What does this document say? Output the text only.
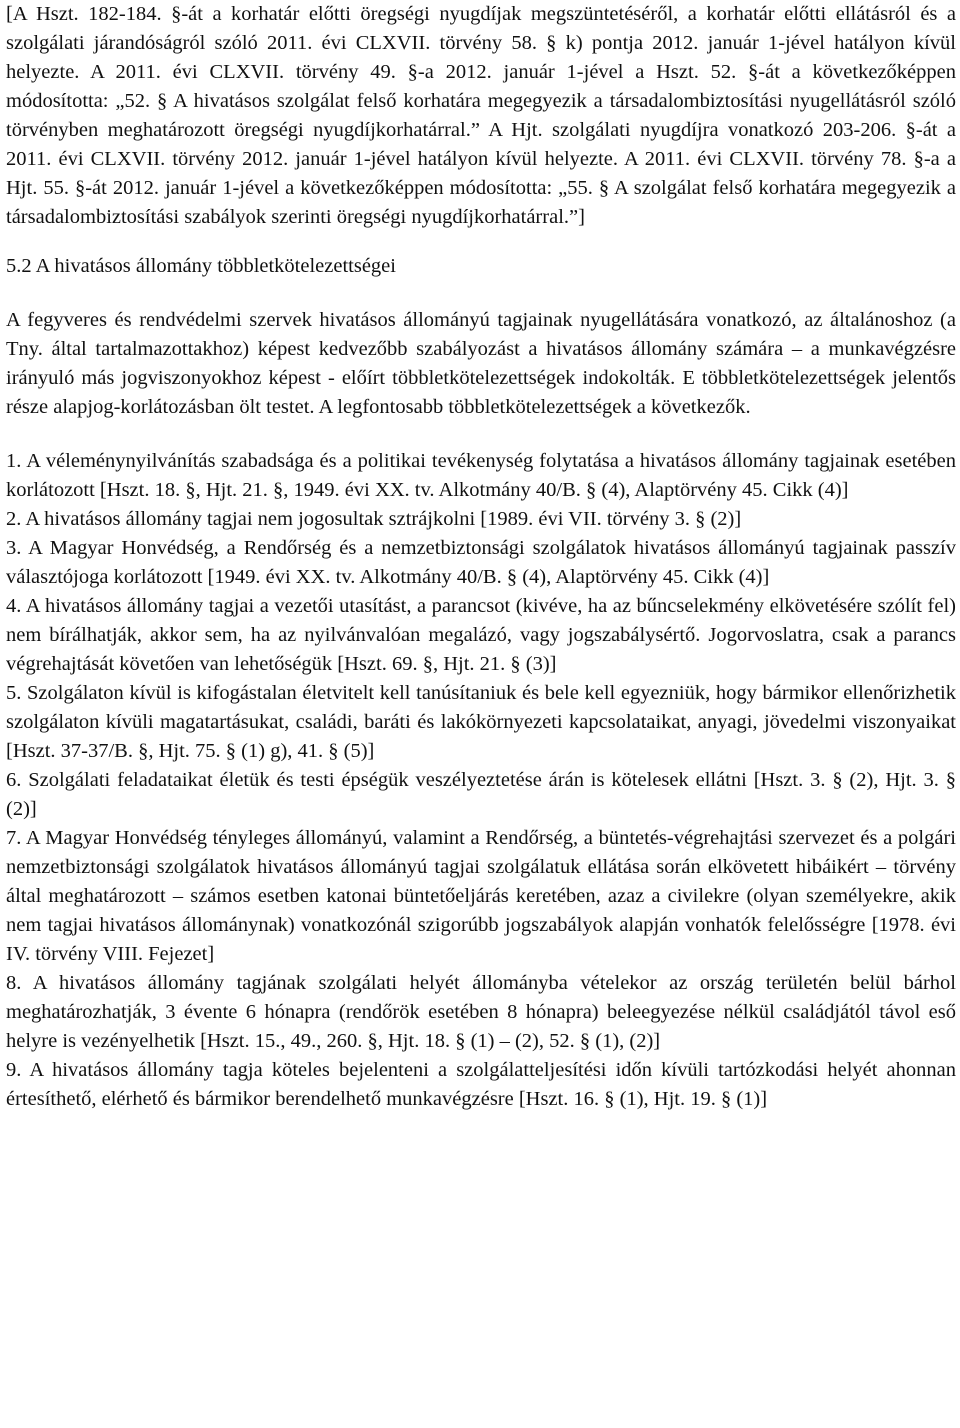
[A Hszt. 182-184. §-át a korhatár előtti öregségi nyugdíjak megszüntetéséről, a korhatár előtti ellátásról és a szolgálati járandóságról szóló 2011. évi CLXVII. törvény 58. § k) pontja 2012. január 1-jével hatályon kívül helyezte. A 2011. évi CLXVII. törvény 49. §-a 2012. január 1-jével a Hszt. 52. §-át a következőképpen módosította: „52. § A hivatásos szolgálat felső korhatára megegyezik a társadalombiztosítási nyugellátásról szóló törvényben meghatározott öregségi nyugdíjkorhatárral.” A Hjt. szolgálati nyugdíjra vonatkozó 203-206. §-át a 2011. évi CLXVII. törvény 2012. január 1-jével hatályon kívül helyezte. A 2011. évi CLXVII. törvény 78. §-a a Hjt. 55. §-át 2012. január 1-jével a következőképpen módosította: „55. § A szolgálat felső korhatára megegyezik a társadalombiztosítási szabályok szerinti öregségi nyugdíjkorhatárral.”]

5.2 A hivatásos állomány többletkötelezettségei

A fegyveres és rendvédelmi szervek hivatásos állományú tagjainak nyugellátására vonatkozó, az általánoshoz (a Tny. által tartalmazottakhoz) képest kedvezőbb szabályozást a hivatásos állomány számára – a munkavégzésre irányuló más jogviszonyokhoz képest - előírt többletkötelezettségek indokolták. E többletkötelezettségek jelentős része alapjog-korlátozásban ölt testet. A legfontosabb többletkötelezettségek a következők.

1. A véleménynyilvánítás szabadsága és a politikai tevékenység folytatása a hivatásos állomány tagjainak esetében korlátozott [Hszt. 18. §, Hjt. 21. §, 1949. évi XX. tv. Alkotmány 40/B. § (4), Alaptörvény 45. Cikk (4)]

2. A hivatásos állomány tagjai nem jogosultak sztrájkolni [1989. évi VII. törvény 3. § (2)]

3. A Magyar Honvédség, a Rendőrség és a nemzetbiztonsági szolgálatok hivatásos állományú tagjainak passzív választójoga korlátozott [1949. évi XX. tv. Alkotmány 40/B. § (4), Alaptörvény 45. Cikk (4)]

4. A hivatásos állomány tagjai a vezetői utasítást, a parancsot (kivéve, ha az bűncselekmény elkövetésére szólít fel) nem bírálhatják, akkor sem, ha az nyilvánvalóan megalázó, vagy jogszabálysértő. Jogorvoslatra, csak a parancs végrehajtását követően van lehetőségük [Hszt. 69. §, Hjt. 21. § (3)]

5. Szolgálaton kívül is kifogástalan életvitelt kell tanúsítaniuk és bele kell egyezniük, hogy bármikor ellenőrizhetik szolgálaton kívüli magatartásukat, családi, baráti és lakókörnyezeti kapcsolataikat, anyagi, jövedelmi viszonyaikat [Hszt. 37-37/B. §, Hjt. 75. § (1) g), 41. § (5)]

6. Szolgálati feladataikat életük és testi épségük veszélyeztetése árán is kötelesek ellátni [Hszt. 3. § (2), Hjt. 3. § (2)]

7. A Magyar Honvédség tényleges állományú, valamint a Rendőrség, a büntetés-végrehajtási szervezet és a polgári nemzetbiztonsági szolgálatok hivatásos állományú tagjai szolgálatuk ellátása során elkövetett hibáikért – törvény által meghatározott – számos esetben katonai büntetőeljárás keretében, azaz a civilekre (olyan személyekre, akik nem tagjai hivatásos állománynak) vonatkozónál szigorúbb jogszabályok alapján vonhatók felelősségre [1978. évi IV. törvény VIII. Fejezet]

8. A hivatásos állomány tagjának szolgálati helyét állományba vételekor az ország területén belül bárhol meghatározhatják, 3 évente 6 hónapra (rendőrök esetében 8 hónapra) beleegyezése nélkül családjától távol eső helyre is vezényelhetik [Hszt. 15., 49., 260. §, Hjt. 18. § (1) – (2), 52. § (1), (2)]

9. A hivatásos állomány tagja köteles bejelenteni a szolgálatteljesítési időn kívüli tartózkodási helyét ahonnan értesíthető, elérhető és bármikor berendelhető munkavégzésre [Hszt. 16. § (1), Hjt. 19. § (1)]
